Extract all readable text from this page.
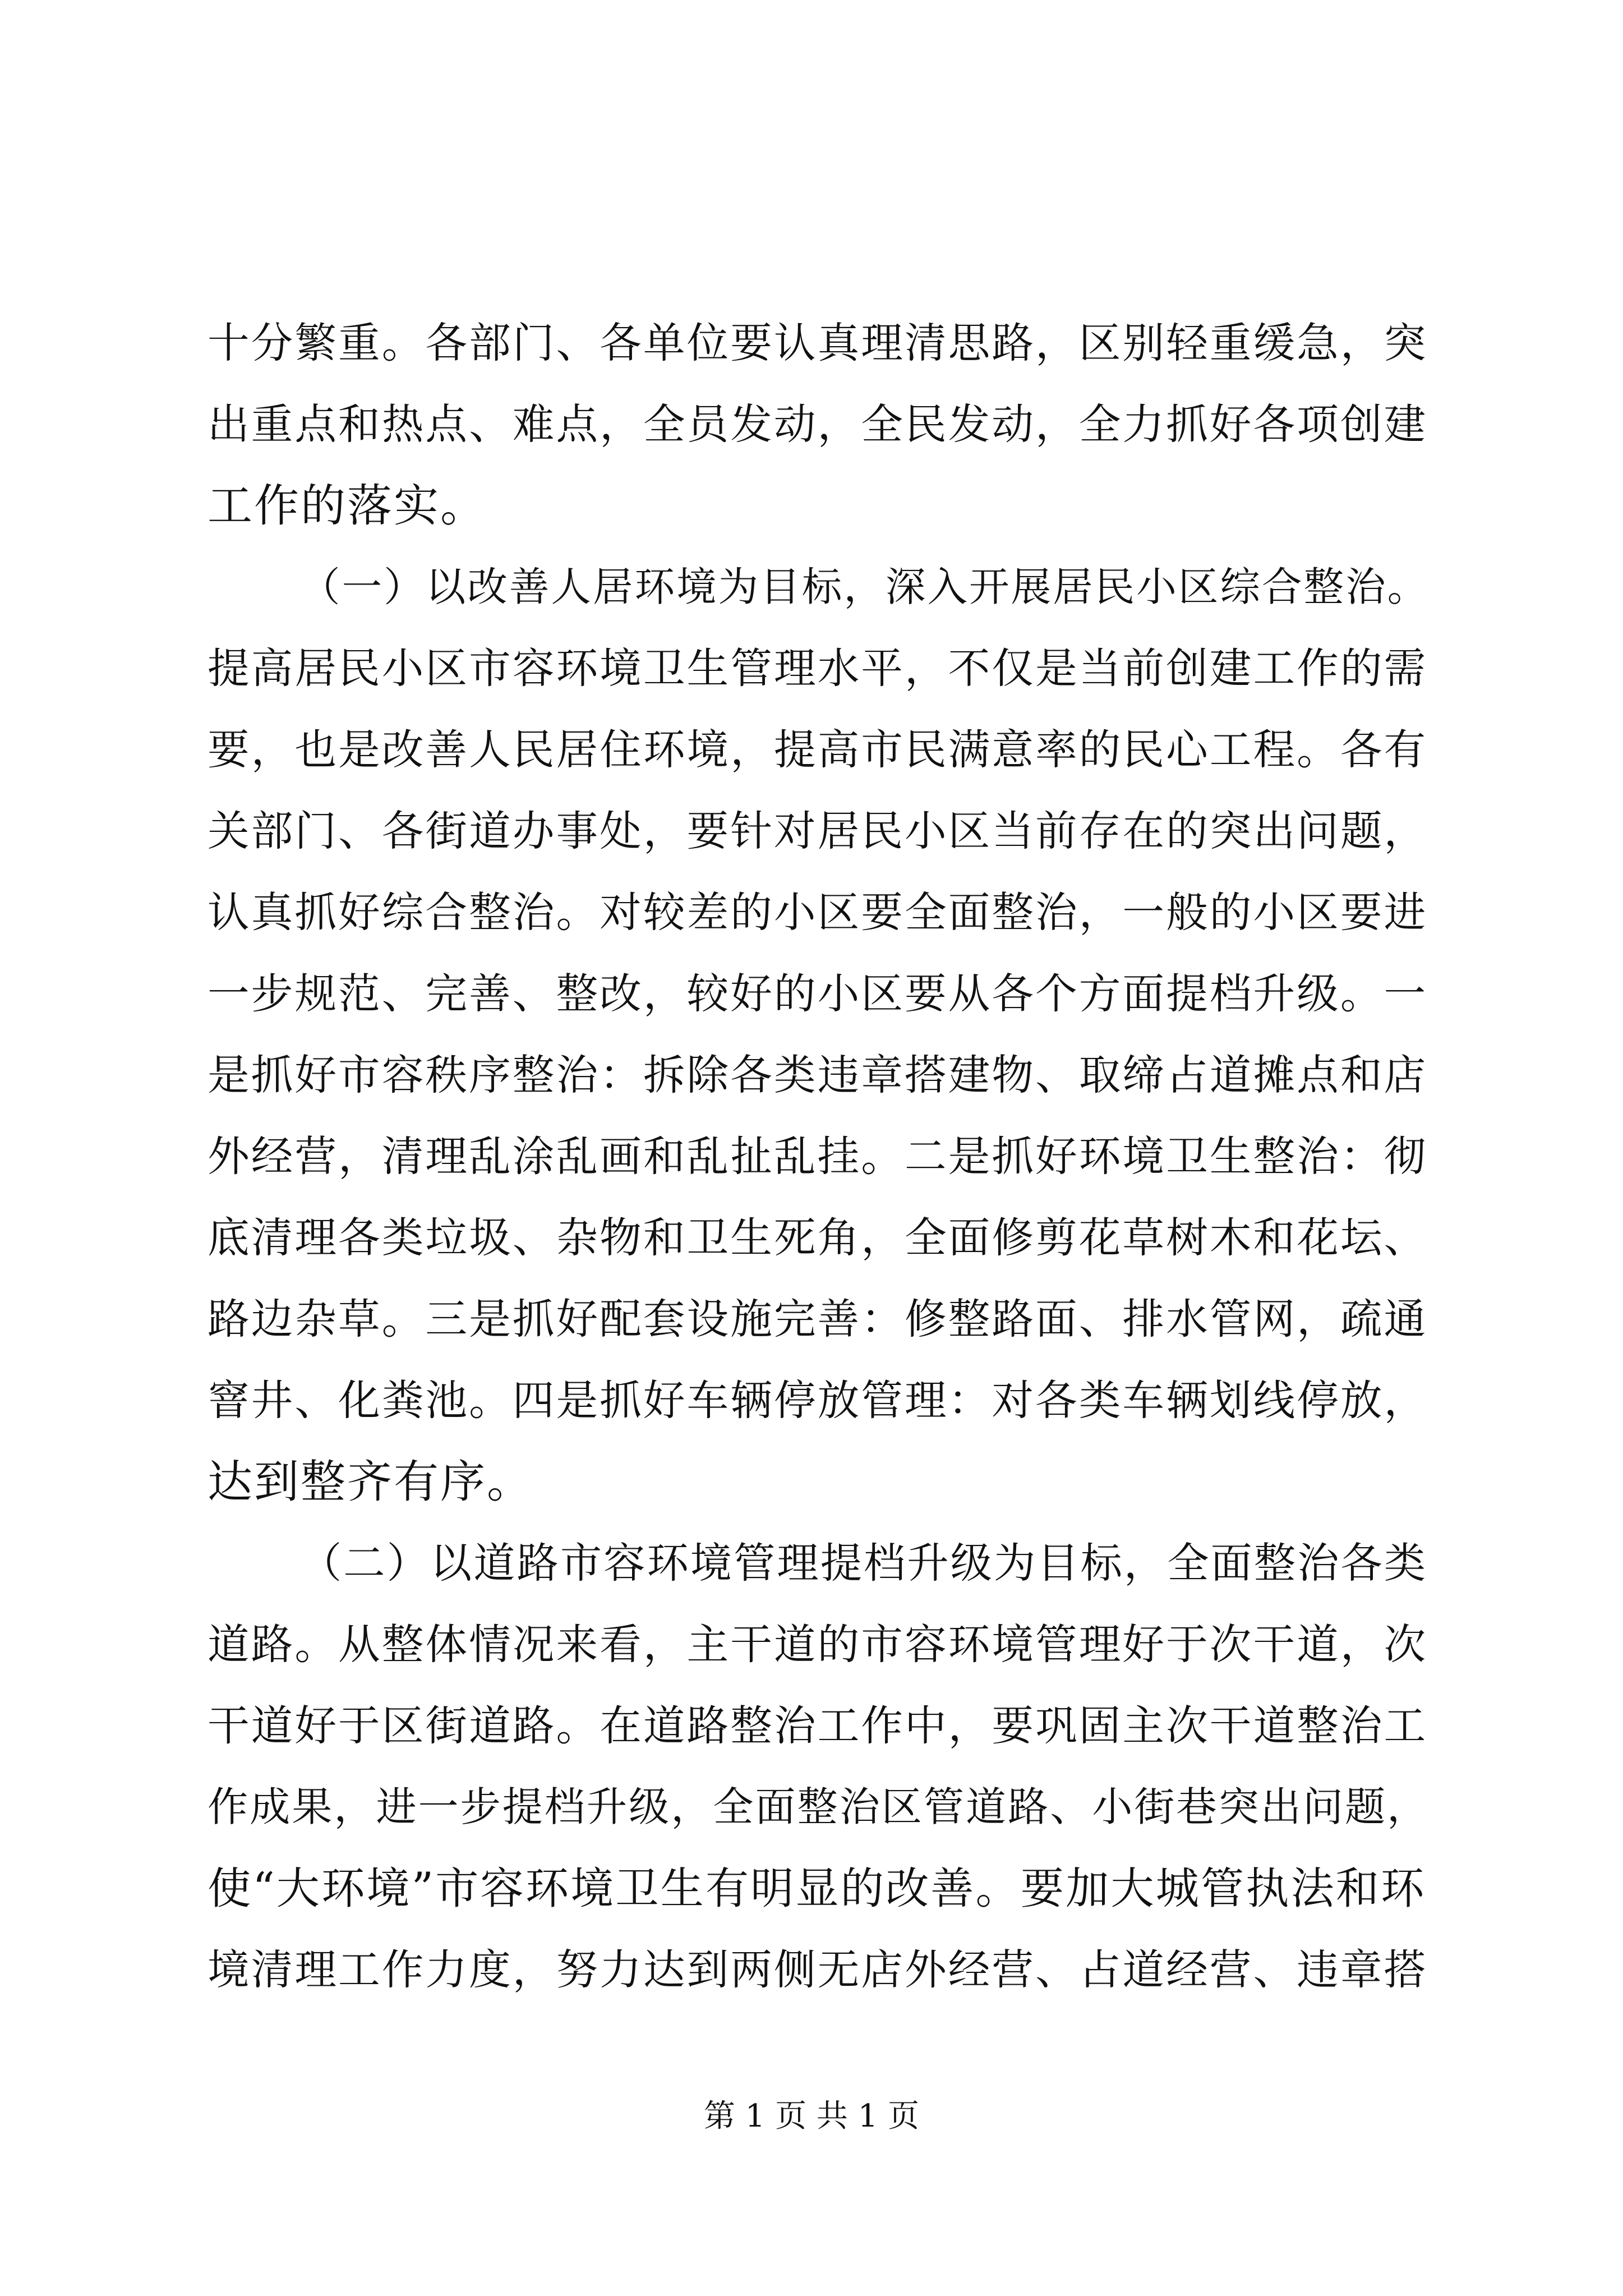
十分繁重。各部门、各单位要认真理清思路，区别轻重缓急，突
出重点和热点、难点，全员发动，全民发动，全力抓好各项创建
工作的落实。
（一）以改善人居环境为目标，深入开展居民小区综合整治。
提高居民小区市容环境卫生管理水平，不仅是当前创建工作的需
要，也是改善人民居住环境，提高市民满意率的民心工程。各有
关部门、各街道办事处，要针对居民小区当前存在的突出问题，
认真抓好综合整治。对较差的小区要全面整治，一般的小区要进
一步规范、完善、整改，较好的小区要从各个方面提档升级。一
是抓好市容秩序整治：拆除各类违章搭建物、取缔占道摊点和店
外经营，清理乱涂乱画和乱扯乱挂。二是抓好环境卫生整治：彻
底清理各类垃圾、杂物和卫生死角，全面修剪花草树木和花坛、
路边杂草。三是抓好配套设施完善：修整路面、排水管网，疏通
窨井、化粪池。四是抓好车辆停放管理：对各类车辆划线停放，
达到整齐有序。
（二）以道路市容环境管理提档升级为目标，全面整治各类
道路。从整体情况来看，主干道的市容环境管理好于次干道，次
干道好于区街道路。在道路整治工作中，要巩固主次干道整治工
作成果，进一步提档升级，全面整治区管道路、小街巷突出问题，
使“大环境”市容环境卫生有明显的改善。要加大城管执法和环
境清理工作力度，努力达到两侧无店外经营、占道经营、违章搭
第 1 页 共 1 页
